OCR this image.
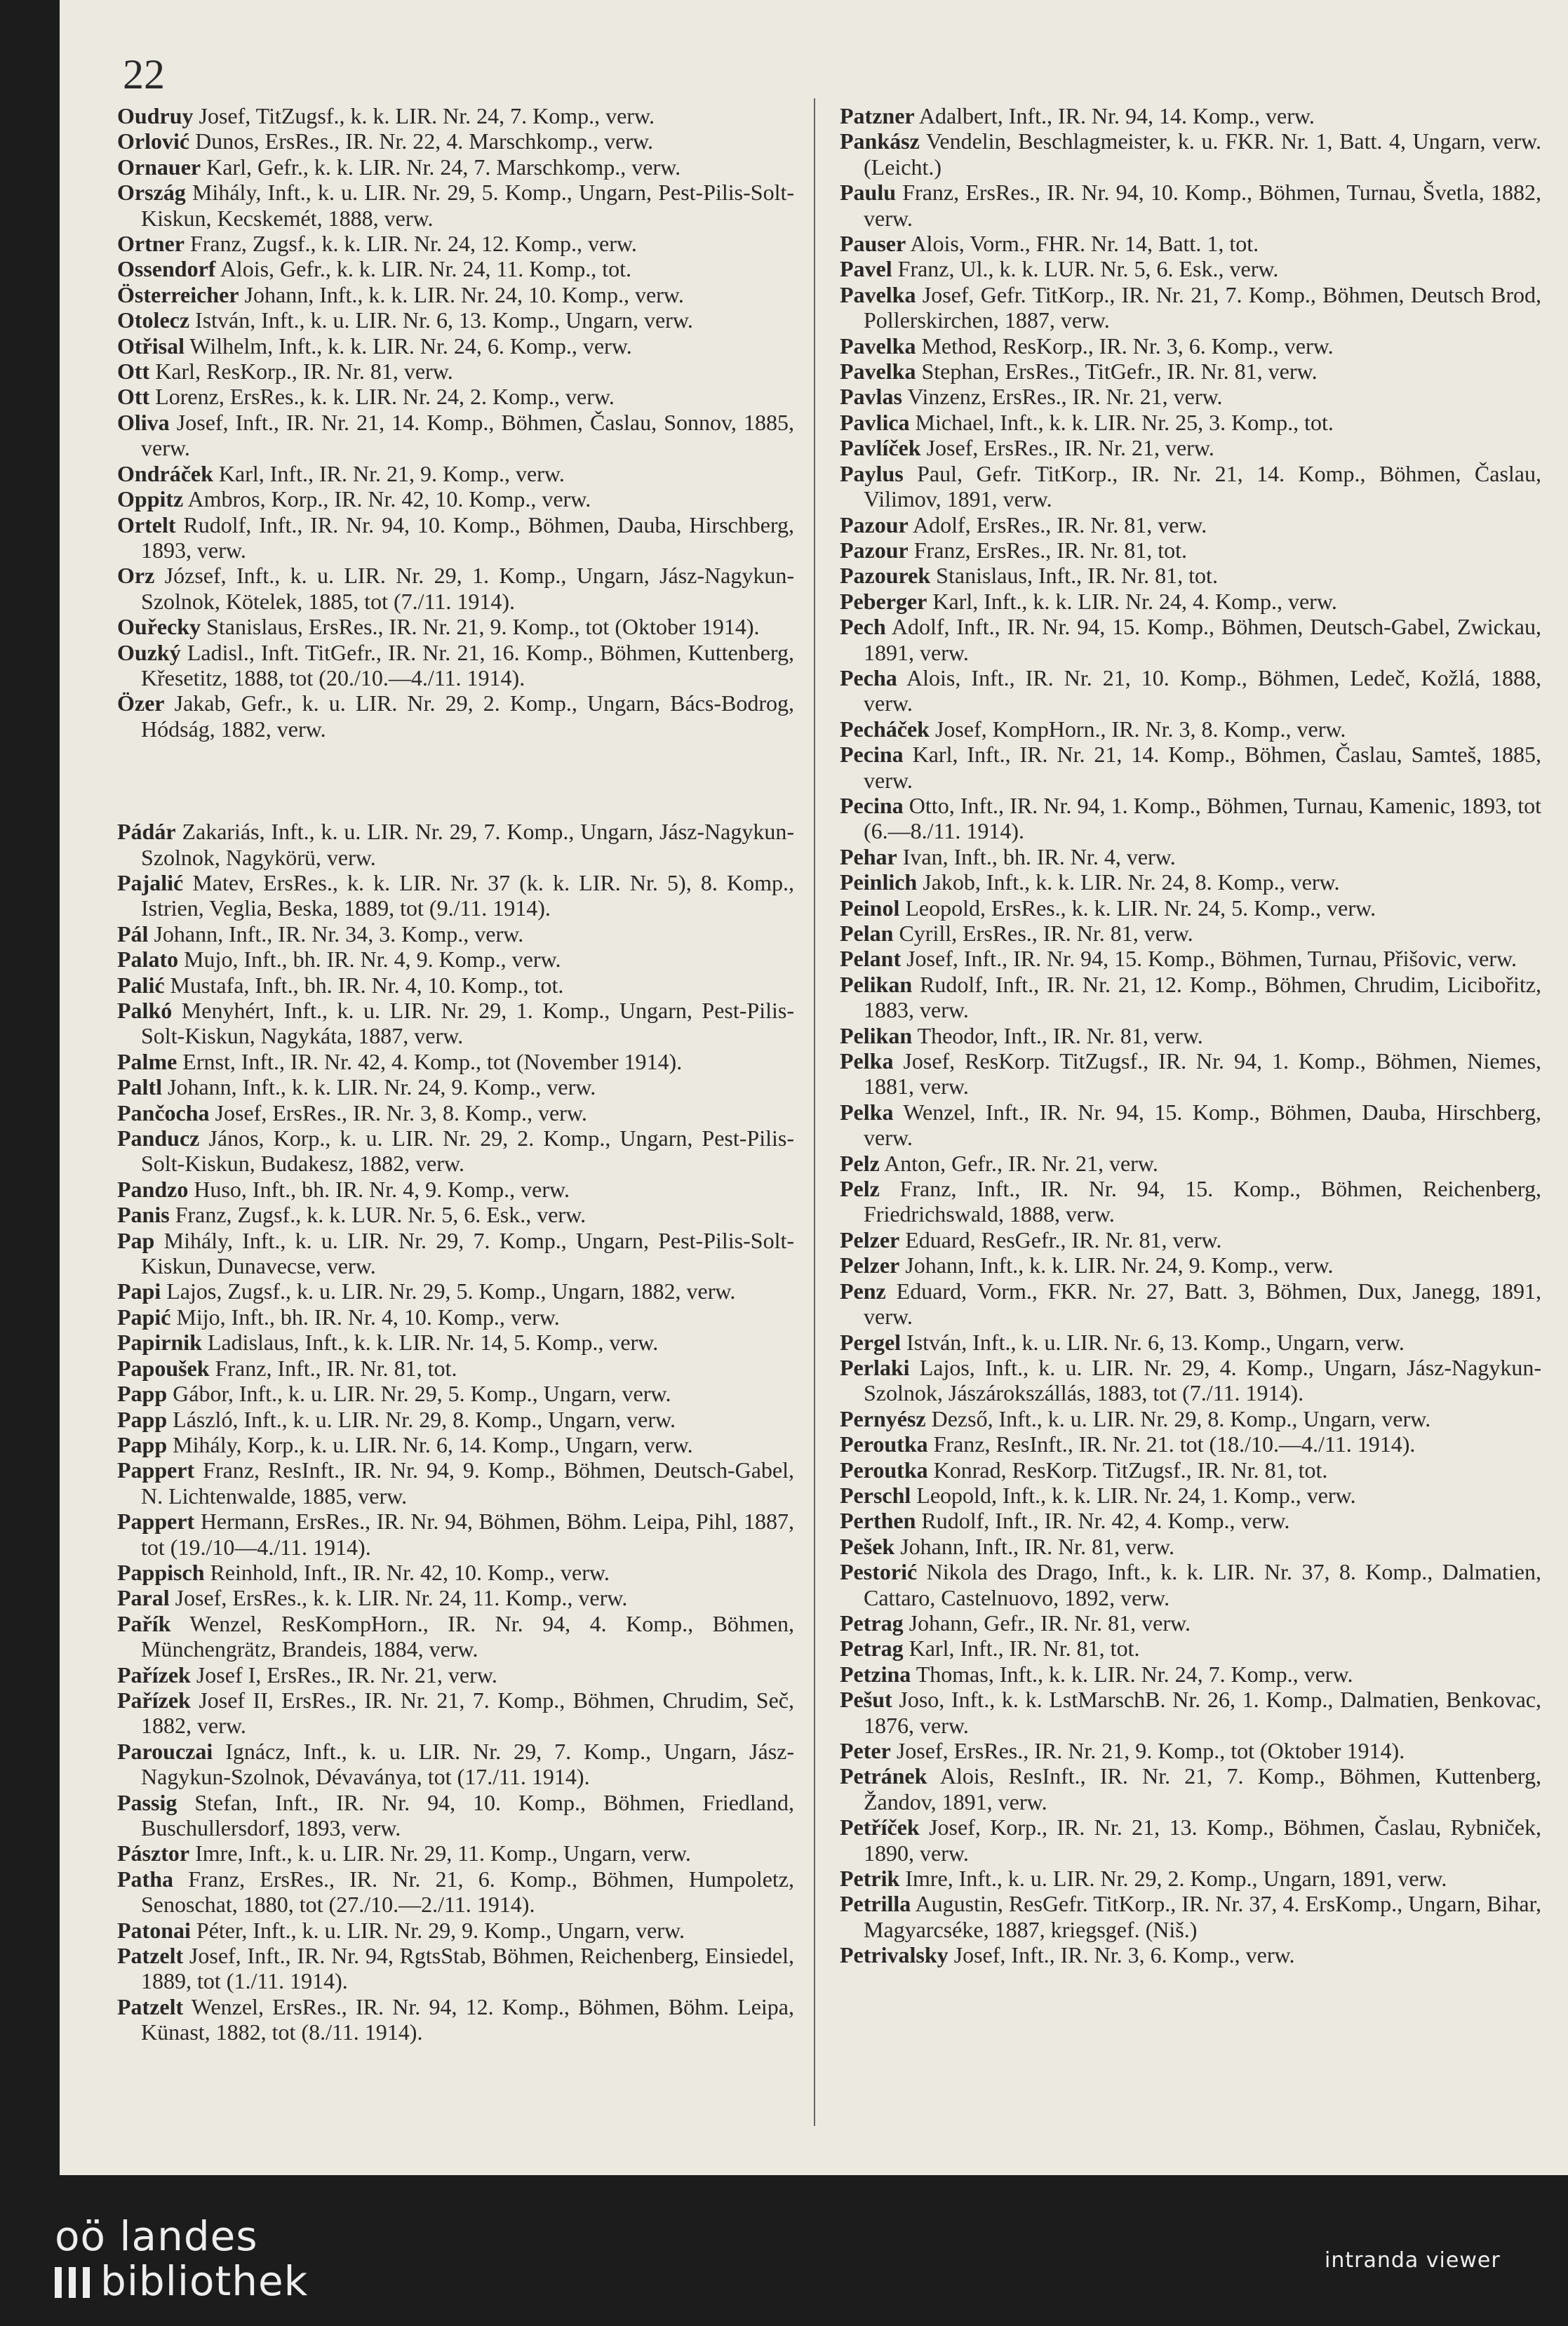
22

Oudruy Josef, TitZugsf., k. k. LIR. Nr. 24, 7. Komp., verw.

Orlović Dunos, ErsRes., IR. Nr. 22, 4. Marschkomp., verw.

Ornauer Karl, Gefr., k. k. LIR. Nr. 24, 7. Marschkomp., verw.

Ország Mihály, Inft., k. u. LIR. Nr. 29, 5. Komp., Ungarn, Pest-Pilis-Solt-Kiskun, Kecskemét, 1888, verw.

Ortner Franz, Zugsf., k. k. LIR. Nr. 24, 12. Komp., verw.

Ossendorf Alois, Gefr., k. k. LIR. Nr. 24, 11. Komp., tot.

Österreicher Johann, Inft., k. k. LIR. Nr. 24, 10. Komp., verw.

Otolecz István, Inft., k. u. LIR. Nr. 6, 13. Komp., Ungarn, verw.

Otřisal Wilhelm, Inft., k. k. LIR. Nr. 24, 6. Komp., verw.

Ott Karl, ResKorp., IR. Nr. 81, verw.

Ott Lorenz, ErsRes., k. k. LIR. Nr. 24, 2. Komp., verw.

Oliva Josef, Inft., IR. Nr. 21, 14. Komp., Böhmen, Časlau, Sonnov, 1885, verw.

Ondráček Karl, Inft., IR. Nr. 21, 9. Komp., verw.

Oppitz Ambros, Korp., IR. Nr. 42, 10. Komp., verw.

Ortelt Rudolf, Inft., IR. Nr. 94, 10. Komp., Böhmen, Dauba, Hirschberg, 1893, verw.

Orz József, Inft., k. u. LIR. Nr. 29, 1. Komp., Ungarn, Jász-Nagykun-Szolnok, Kötelek, 1885, tot (7./11. 1914).

Ouřecky Stanislaus, ErsRes., IR. Nr. 21, 9. Komp., tot (Oktober 1914).

Ouzký Ladisl., Inft. TitGefr., IR. Nr. 21, 16. Komp., Böhmen, Kuttenberg, Křesetitz, 1888, tot (20./10.—4./11. 1914).

Özer Jakab, Gefr., k. u. LIR. Nr. 29, 2. Komp., Ungarn, Bács-Bodrog, Hódság, 1882, verw.

Pádár Zakariás, Inft., k. u. LIR. Nr. 29, 7. Komp., Ungarn, Jász-Nagykun-Szolnok, Nagykörü, verw.

Pajalić Matev, ErsRes., k. k. LIR. Nr. 37 (k. k. LIR. Nr. 5), 8. Komp., Istrien, Veglia, Beska, 1889, tot (9./11. 1914).

Pál Johann, Inft., IR. Nr. 34, 3. Komp., verw.

Palato Mujo, Inft., bh. IR. Nr. 4, 9. Komp., verw.

Palić Mustafa, Inft., bh. IR. Nr. 4, 10. Komp., tot.

Palkó Menyhért, Inft., k. u. LIR. Nr. 29, 1. Komp., Ungarn, Pest-Pilis-Solt-Kiskun, Nagykáta, 1887, verw.

Palme Ernst, Inft., IR. Nr. 42, 4. Komp., tot (November 1914).

Paltl Johann, Inft., k. k. LIR. Nr. 24, 9. Komp., verw.

Pančocha Josef, ErsRes., IR. Nr. 3, 8. Komp., verw.

Panducz János, Korp., k. u. LIR. Nr. 29, 2. Komp., Ungarn, Pest-Pilis-Solt-Kiskun, Budakesz, 1882, verw.

Pandzo Huso, Inft., bh. IR. Nr. 4, 9. Komp., verw.

Panis Franz, Zugsf., k. k. LUR. Nr. 5, 6. Esk., verw.

Pap Mihály, Inft., k. u. LIR. Nr. 29, 7. Komp., Ungarn, Pest-Pilis-Solt-Kiskun, Dunavecse, verw.

Papi Lajos, Zugsf., k. u. LIR. Nr. 29, 5. Komp., Ungarn, 1882, verw.

Papić Mijo, Inft., bh. IR. Nr. 4, 10. Komp., verw.

Papirnik Ladislaus, Inft., k. k. LIR. Nr. 14, 5. Komp., verw.

Papoušek Franz, Inft., IR. Nr. 81, tot.

Papp Gábor, Inft., k. u. LIR. Nr. 29, 5. Komp., Ungarn, verw.

Papp László, Inft., k. u. LIR. Nr. 29, 8. Komp., Ungarn, verw.

Papp Mihály, Korp., k. u. LIR. Nr. 6, 14. Komp., Ungarn, verw.

Pappert Franz, ResInft., IR. Nr. 94, 9. Komp., Böhmen, Deutsch-Gabel, N. Lichtenwalde, 1885, verw.

Pappert Hermann, ErsRes., IR. Nr. 94, Böhmen, Böhm. Leipa, Pihl, 1887, tot (19./10—4./11. 1914).

Pappisch Reinhold, Inft., IR. Nr. 42, 10. Komp., verw.

Paral Josef, ErsRes., k. k. LIR. Nr. 24, 11. Komp., verw.

Pařík Wenzel, ResKompHorn., IR. Nr. 94, 4. Komp., Böhmen, Münchengrätz, Brandeis, 1884, verw.

Pařízek Josef I, ErsRes., IR. Nr. 21, verw.

Pařízek Josef II, ErsRes., IR. Nr. 21, 7. Komp., Böhmen, Chrudim, Seč, 1882, verw.

Parouczai Ignácz, Inft., k. u. LIR. Nr. 29, 7. Komp., Ungarn, Jász-Nagykun-Szolnok, Dévaványa, tot (17./11. 1914).

Passig Stefan, Inft., IR. Nr. 94, 10. Komp., Böhmen, Friedland, Buschullersdorf, 1893, verw.

Pásztor Imre, Inft., k. u. LIR. Nr. 29, 11. Komp., Ungarn, verw.

Patha Franz, ErsRes., IR. Nr. 21, 6. Komp., Böhmen, Humpoletz, Senoschat, 1880, tot (27./10.—2./11. 1914).

Patonai Péter, Inft., k. u. LIR. Nr. 29, 9. Komp., Ungarn, verw.

Patzelt Josef, Inft., IR. Nr. 94, RgtsStab, Böhmen, Reichenberg, Einsiedel, 1889, tot (1./11. 1914).

Patzelt Wenzel, ErsRes., IR. Nr. 94, 12. Komp., Böhmen, Böhm. Leipa, Künast, 1882, tot (8./11. 1914).

Patzner Adalbert, Inft., IR. Nr. 94, 14. Komp., verw.

Pankász Vendelin, Beschlagmeister, k. u. FKR. Nr. 1, Batt. 4, Ungarn, verw. (Leicht.)

Paulu Franz, ErsRes., IR. Nr. 94, 10. Komp., Böhmen, Turnau, Švetla, 1882, verw.

Pauser Alois, Vorm., FHR. Nr. 14, Batt. 1, tot.

Pavel Franz, Ul., k. k. LUR. Nr. 5, 6. Esk., verw.

Pavelka Josef, Gefr. TitKorp., IR. Nr. 21, 7. Komp., Böhmen, Deutsch Brod, Pollerskirchen, 1887, verw.

Pavelka Method, ResKorp., IR. Nr. 3, 6. Komp., verw.

Pavelka Stephan, ErsRes., TitGefr., IR. Nr. 81, verw.

Pavlas Vinzenz, ErsRes., IR. Nr. 21, verw.

Pavlica Michael, Inft., k. k. LIR. Nr. 25, 3. Komp., tot.

Pavlíček Josef, ErsRes., IR. Nr. 21, verw.

Paylus Paul, Gefr. TitKorp., IR. Nr. 21, 14. Komp., Böhmen, Časlau, Vilimov, 1891, verw.

Pazour Adolf, ErsRes., IR. Nr. 81, verw.

Pazour Franz, ErsRes., IR. Nr. 81, tot.

Pazourek Stanislaus, Inft., IR. Nr. 81, tot.

Peberger Karl, Inft., k. k. LIR. Nr. 24, 4. Komp., verw.

Pech Adolf, Inft., IR. Nr. 94, 15. Komp., Böhmen, Deutsch-Gabel, Zwickau, 1891, verw.

Pecha Alois, Inft., IR. Nr. 21, 10. Komp., Böhmen, Ledeč, Kožlá, 1888, verw.

Pecháček Josef, KompHorn., IR. Nr. 3, 8. Komp., verw.

Pecina Karl, Inft., IR. Nr. 21, 14. Komp., Böhmen, Časlau, Samteš, 1885, verw.

Pecina Otto, Inft., IR. Nr. 94, 1. Komp., Böhmen, Turnau, Kamenic, 1893, tot (6.—8./11. 1914).

Pehar Ivan, Inft., bh. IR. Nr. 4, verw.

Peinlich Jakob, Inft., k. k. LIR. Nr. 24, 8. Komp., verw.

Peinol Leopold, ErsRes., k. k. LIR. Nr. 24, 5. Komp., verw.

Pelan Cyrill, ErsRes., IR. Nr. 81, verw.

Pelant Josef, Inft., IR. Nr. 94, 15. Komp., Böhmen, Turnau, Přišovic, verw.

Pelikan Rudolf, Inft., IR. Nr. 21, 12. Komp., Böhmen, Chrudim, Licibořitz, 1883, verw.

Pelikan Theodor, Inft., IR. Nr. 81, verw.

Pelka Josef, ResKorp. TitZugsf., IR. Nr. 94, 1. Komp., Böhmen, Niemes, 1881, verw.

Pelka Wenzel, Inft., IR. Nr. 94, 15. Komp., Böhmen, Dauba, Hirschberg, verw.

Pelz Anton, Gefr., IR. Nr. 21, verw.

Pelz Franz, Inft., IR. Nr. 94, 15. Komp., Böhmen, Reichenberg, Friedrichswald, 1888, verw.

Pelzer Eduard, ResGefr., IR. Nr. 81, verw.

Pelzer Johann, Inft., k. k. LIR. Nr. 24, 9. Komp., verw.

Penz Eduard, Vorm., FKR. Nr. 27, Batt. 3, Böhmen, Dux, Janegg, 1891, verw.

Pergel István, Inft., k. u. LIR. Nr. 6, 13. Komp., Ungarn, verw.

Perlaki Lajos, Inft., k. u. LIR. Nr. 29, 4. Komp., Ungarn, Jász-Nagykun-Szolnok, Jászárokszállás, 1883, tot (7./11. 1914).

Pernyész Dezső, Inft., k. u. LIR. Nr. 29, 8. Komp., Ungarn, verw.

Peroutka Franz, ResInft., IR. Nr. 21. tot (18./10.—4./11. 1914).

Peroutka Konrad, ResKorp. TitZugsf., IR. Nr. 81, tot.

Perschl Leopold, Inft., k. k. LIR. Nr. 24, 1. Komp., verw.

Perthen Rudolf, Inft., IR. Nr. 42, 4. Komp., verw.

Pešek Johann, Inft., IR. Nr. 81, verw.

Pestorić Nikola des Drago, Inft., k. k. LIR. Nr. 37, 8. Komp., Dalmatien, Cattaro, Castelnuovo, 1892, verw.

Petrag Johann, Gefr., IR. Nr. 81, verw.

Petrag Karl, Inft., IR. Nr. 81, tot.

Petzina Thomas, Inft., k. k. LIR. Nr. 24, 7. Komp., verw.

Pešut Joso, Inft., k. k. LstMarschB. Nr. 26, 1. Komp., Dalmatien, Benkovac, 1876, verw.

Peter Josef, ErsRes., IR. Nr. 21, 9. Komp., tot (Oktober 1914).

Petránek Alois, ResInft., IR. Nr. 21, 7. Komp., Böhmen, Kuttenberg, Žandov, 1891, verw.

Petříček Josef, Korp., IR. Nr. 21, 13. Komp., Böhmen, Časlau, Rybniček, 1890, verw.

Petrik Imre, Inft., k. u. LIR. Nr. 29, 2. Komp., Ungarn, 1891, verw.

Petrilla Augustin, ResGefr. TitKorp., IR. Nr. 37, 4. ErsKomp., Ungarn, Bihar, Magyarcséke, 1887, kriegsgef. (Niš.)

Petrivalsky Josef, Inft., IR. Nr. 3, 6. Komp., verw.

oö landes
bibliothek	intranda viewer
